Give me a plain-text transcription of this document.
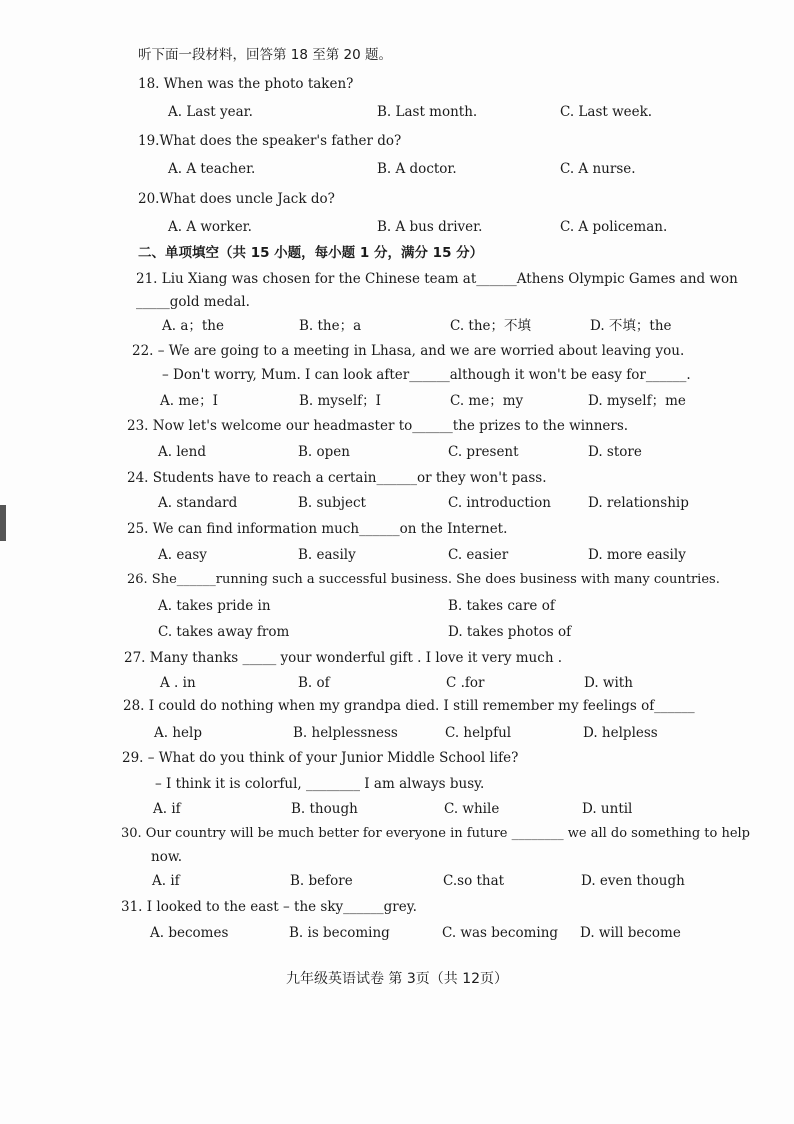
听下面一段材料，回答第 18 至第 20 题。
18. When was the photo taken?
A. Last year.	B. Last month.	C. Last week.
19.What does the speaker's father do?
A. A teacher.	B. A doctor.	C. A nurse.
20.What does uncle Jack do?
A. A worker.	B. A bus driver.	C. A policeman.
二、单项填空（共 15 小题，每小题 1 分，满分 15 分）
21. Liu Xiang was chosen for the Chinese team at______Athens Olympic Games and won
_____gold medal.
A. a；the	B. the；a	C. the；不填	D. 不填；the
22. – We are going to a meeting in Lhasa, and we are worried about leaving you.
– Don't worry, Mum. I can look after______although it won't be easy for______.
A. me；I	B. myself；I	C. me；my	D. myself；me
23. Now let's welcome our headmaster to______the prizes to the winners.
A. lend	B. open	C. present	D. store
24. Students have to reach a certain______or they won't pass.
A. standard	B. subject	C. introduction	D. relationship
25. We can find information much______on the Internet.
A. easy	B. easily	C. easier	D. more easily
26. She______running such a successful business. She does business with many countries.
A. takes pride in	B. takes care of
C. takes away from	D. takes photos of
27. Many thanks _____ your wonderful gift . I love it very much .
A . in	B. of	C .for	D. with
28. I could do nothing when my grandpa died. I still remember my feelings of______
A. help	B. helplessness	C. helpful	D. helpless
29. – What do you think of your Junior Middle School life?
– I think it is colorful, ________ I am always busy.
A. if	B. though	C. while	D. until
30. Our country will be much better for everyone in future ________ we all do something to help
now.
A. if	B. before	C.so that	D. even though
31. I looked to the east – the sky______grey.
A. becomes	B. is becoming	C. was becoming D. will become
九年级英语试卷 第 3页（共 12页）
